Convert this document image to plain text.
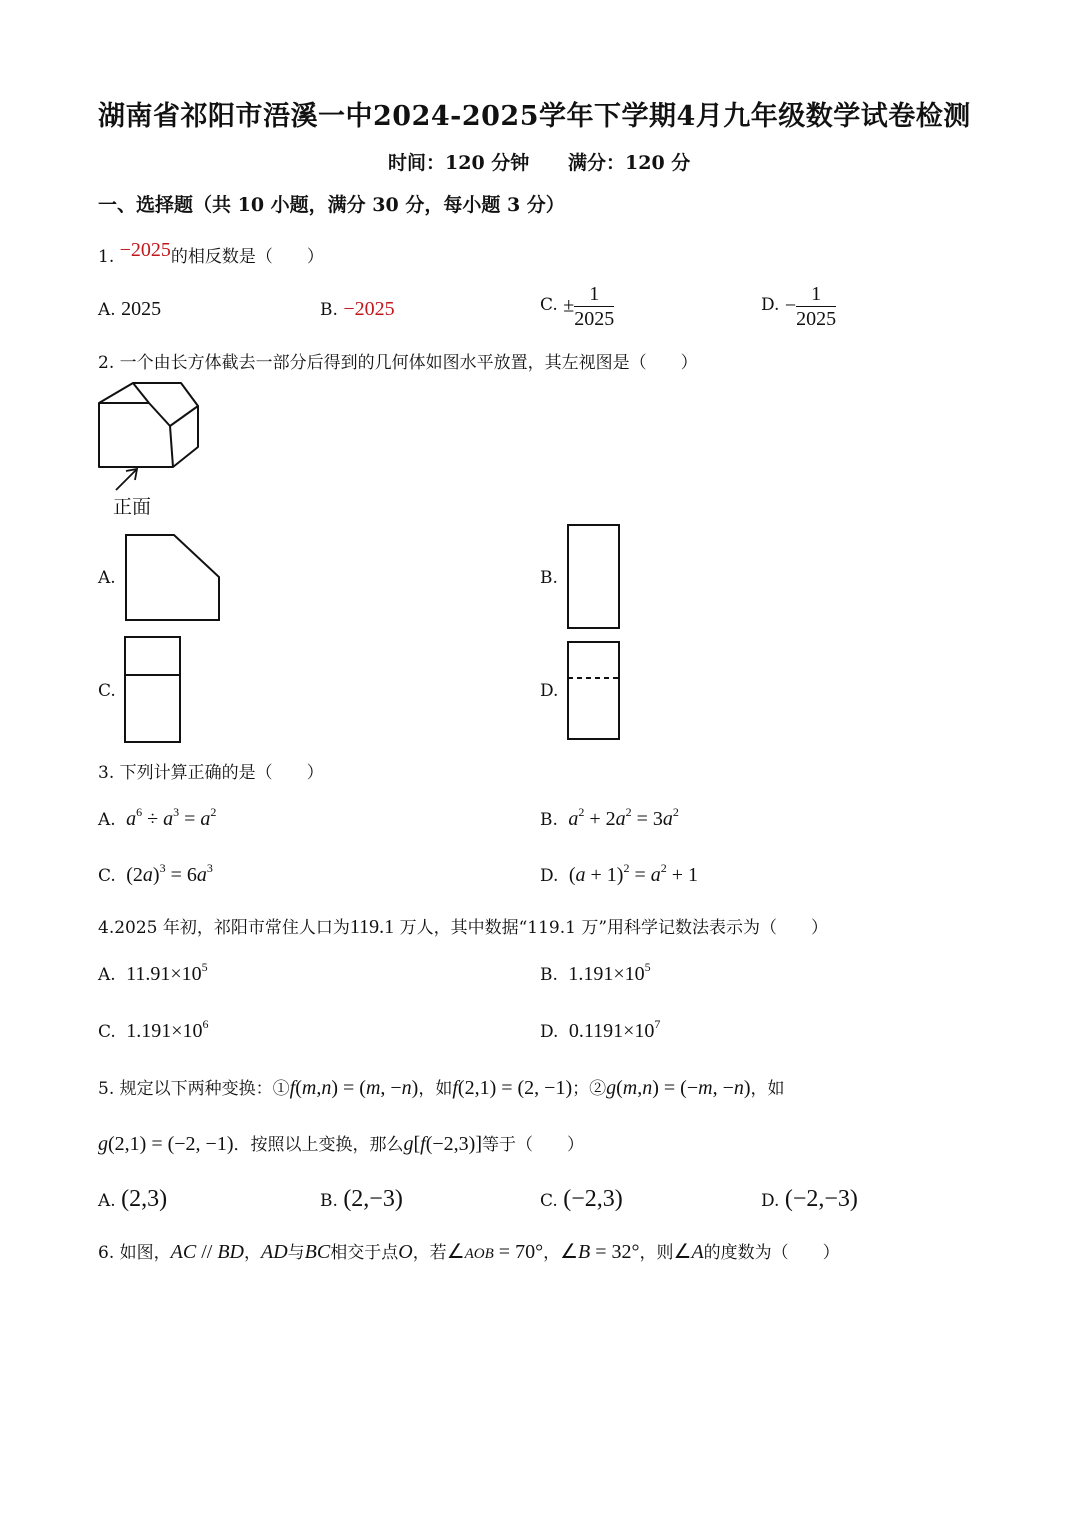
湖南省祁阳市浯溪一中2024-2025学年下学期4月九年级数学试卷检测
时间：120 分钟 满分：120 分
一、选择题（共 10 小题，满分 30 分，每小题 3 分）
1. −2025的相反数是（　　）
A. 2025	B. −2025	C. ± $\frac{1}{2025}$	D. − $\frac{1}{2025}$
2. 一个由长方体截去一部分后得到的几何体如图水平放置，其左视图是（　　）
正面
A.	B.
C.	D.
3. 下列计算正确的是（　　）
A. $a^6 \div a^3 = a^2$	B. $a^2 + 2a^2 = 3a^2$
C.  $(2a)^3 = 6a^3$	D.  $(a + 1)^2 = a^2 + 1$
4.2025 年初，祁阳市常住人口为119.1 万人，其中数据“119.1 万”用科学记数法表示为（　　）
A. $11.91\times 10^5$	B. $1.191\times 10^5$
C. $1.191\times 10^6$	D. $0.1191\times 10^7$
5. 规定以下两种变换：①f(m,n) = (m, −n)，如f(2,1) = (2, −1)；②g(m,n) = (−m, −n)，如
g(2,1) = (−2, −1)．按照以上变换，那么g[f(−2,3)]等于（　　）
A. (2,3)	B. (2,−3)	C. (−2,3)	D. (−2,−3)
6. 如图，AC // BD，AD与BC相交于点O，若∠AOB = 70°，∠B = 32°，则∠A的度数为（　　）
